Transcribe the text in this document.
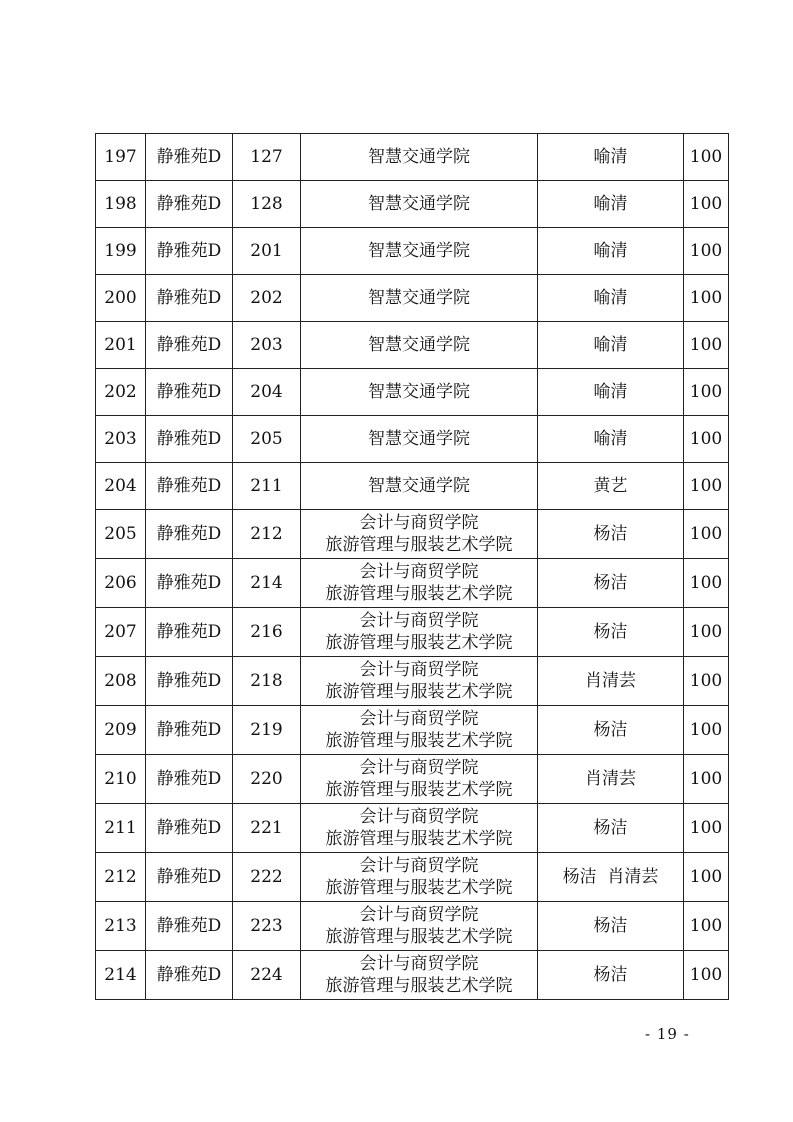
197	静雅苑D	127	智慧交通学院	喻清	100
198	静雅苑D	128	智慧交通学院	喻清	100
199	静雅苑D	201	智慧交通学院	喻清	100
200	静雅苑D	202	智慧交通学院	喻清	100
201	静雅苑D	203	智慧交通学院	喻清	100
202	静雅苑D	204	智慧交通学院	喻清	100
203	静雅苑D	205	智慧交通学院	喻清	100
204	静雅苑D	211	智慧交通学院	黄艺	100
205	静雅苑D	212	会计与商贸学院
旅游管理与服装艺术学院	杨洁	100
206	静雅苑D	214	会计与商贸学院
旅游管理与服装艺术学院	杨洁	100
207	静雅苑D	216	会计与商贸学院
旅游管理与服装艺术学院	杨洁	100
208	静雅苑D	218	会计与商贸学院
旅游管理与服装艺术学院	肖清芸	100
209	静雅苑D	219	会计与商贸学院
旅游管理与服装艺术学院	杨洁	100
210	静雅苑D	220	会计与商贸学院
旅游管理与服装艺术学院	肖清芸	100
211	静雅苑D	221	会计与商贸学院
旅游管理与服装艺术学院	杨洁	100
212	静雅苑D	222	会计与商贸学院
旅游管理与服装艺术学院	杨洁  肖清芸	100
213	静雅苑D	223	会计与商贸学院
旅游管理与服装艺术学院	杨洁	100
214	静雅苑D	224	会计与商贸学院
旅游管理与服装艺术学院	杨洁	100
- 19 -
